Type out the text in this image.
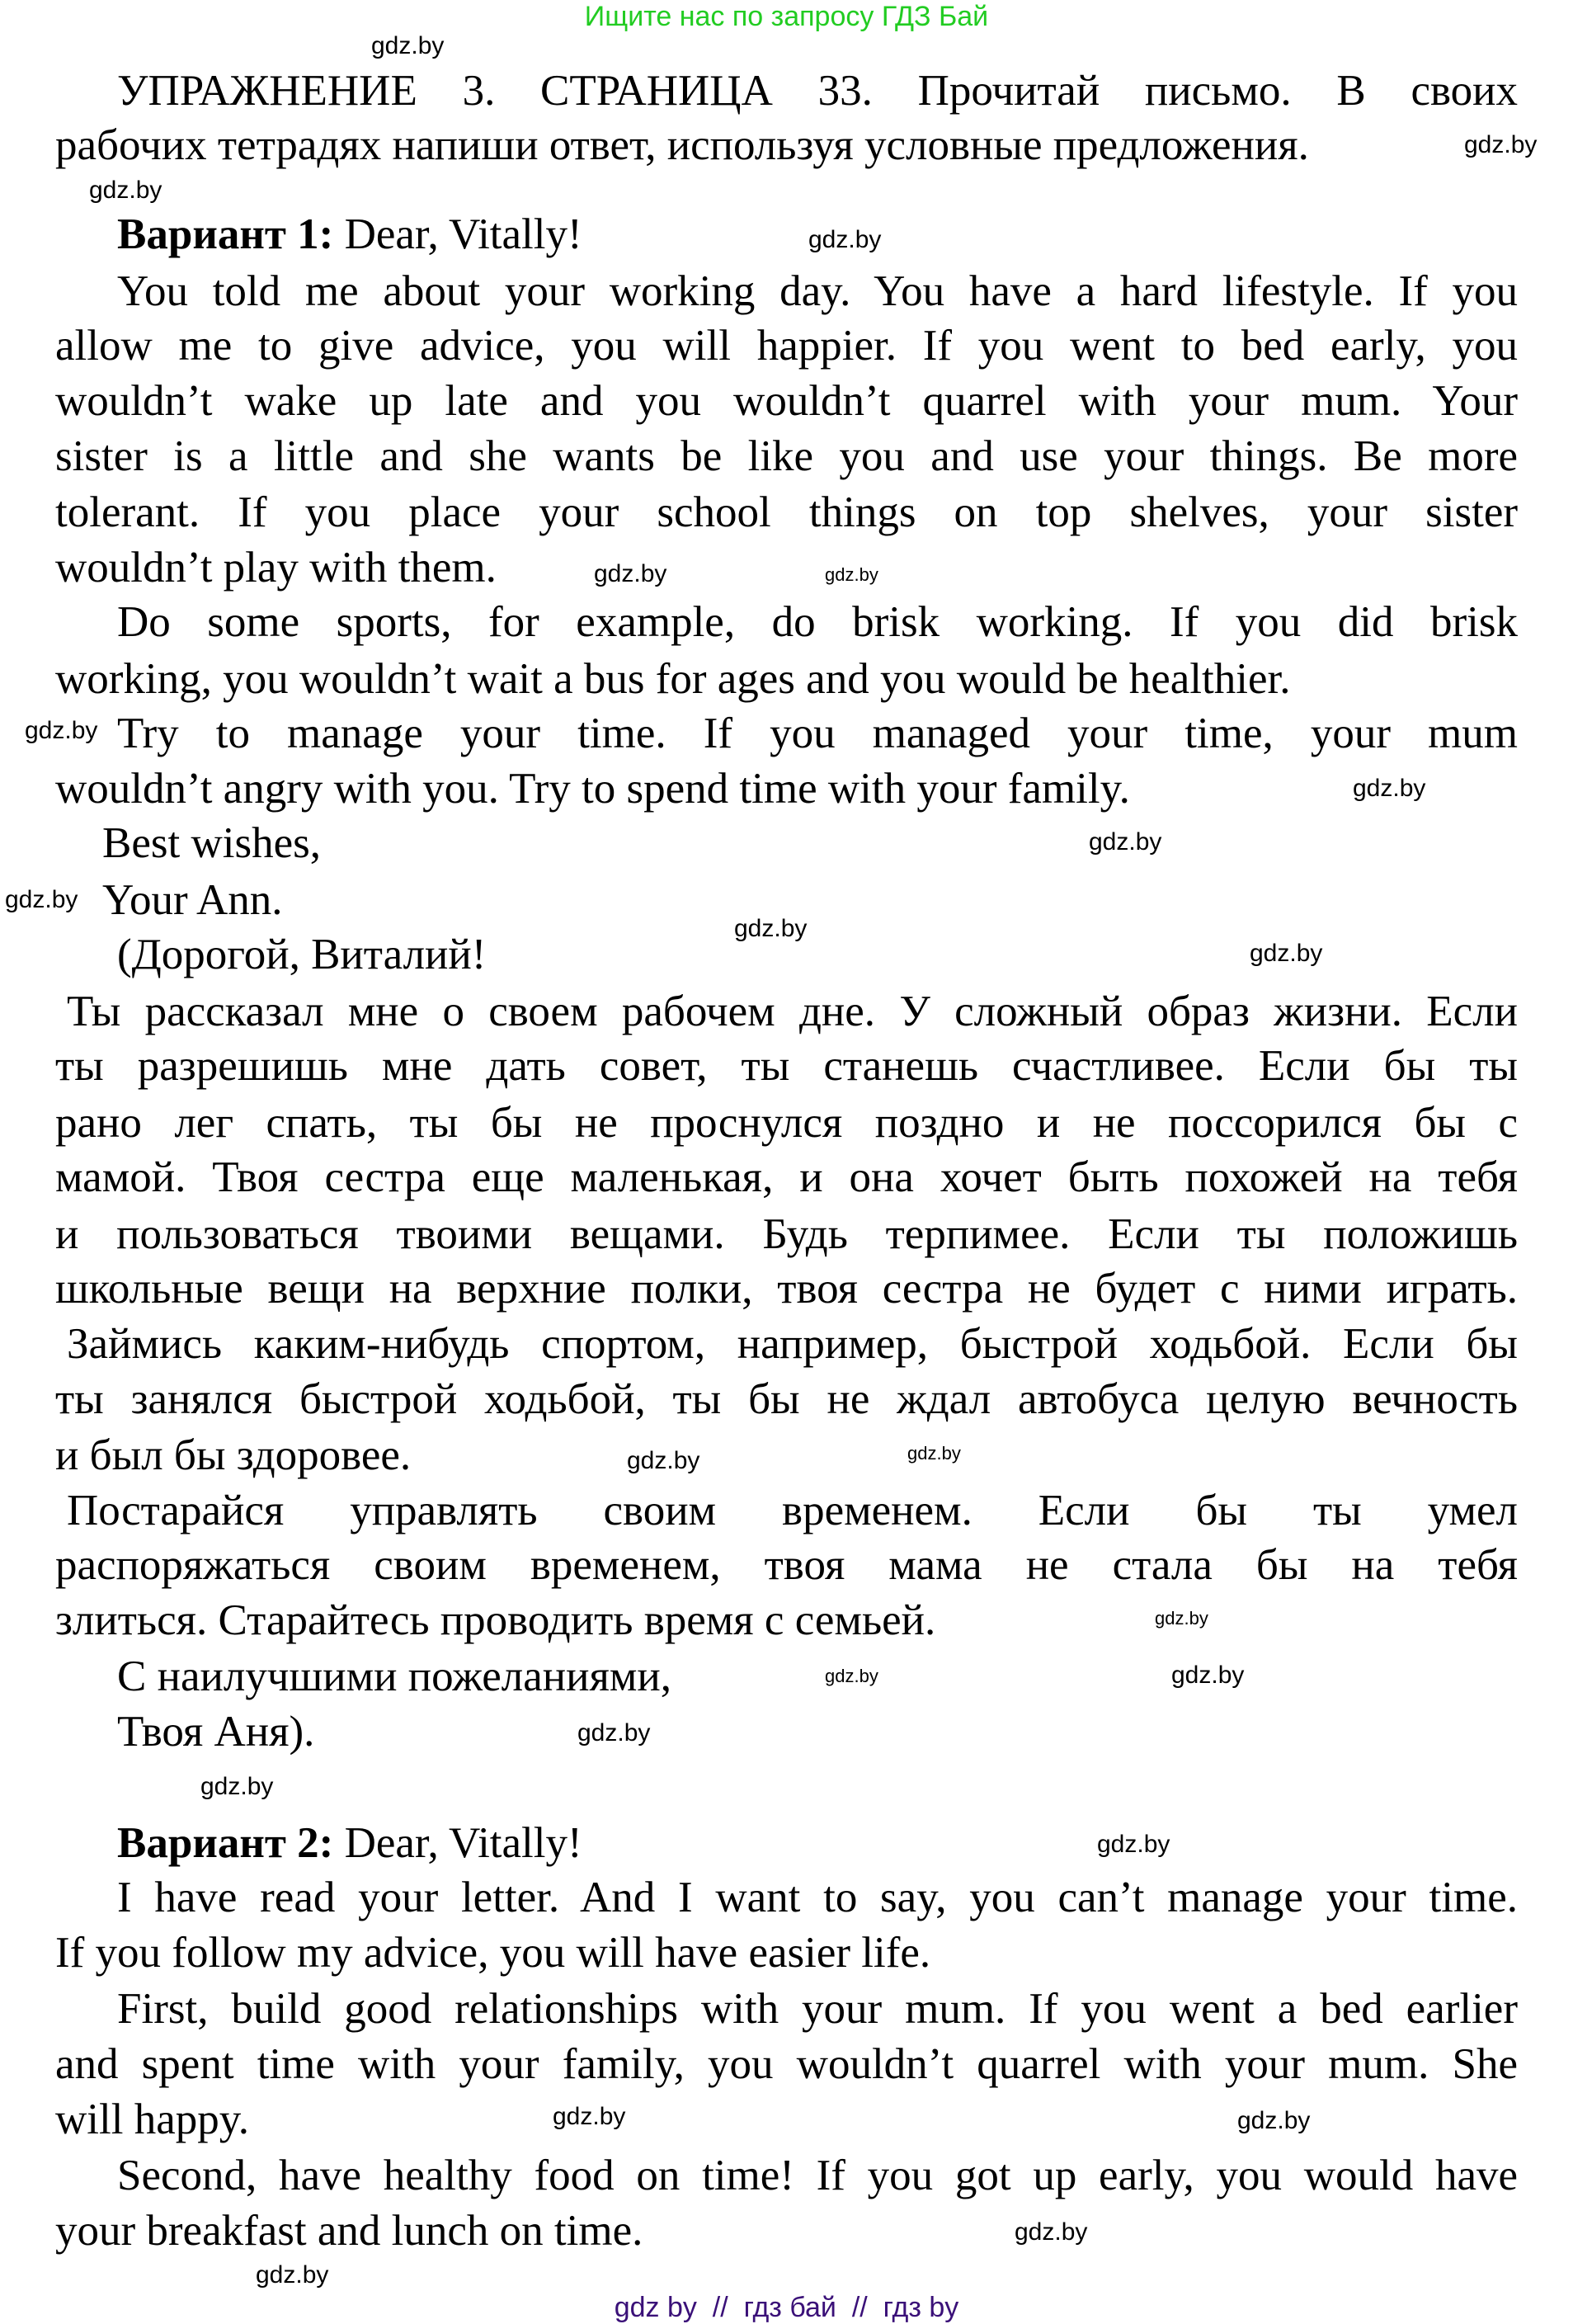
Ищите нас по запросу ГДЗ Бай
УПРАЖНЕНИЕ 3. СТРАНИЦА 33. Прочитай письмо. В своих
рабочих тетрадях напиши ответ, используя условные предложения.
Вариант 1: Dear, Vitally!
You told me about your working day. You have a hard lifestyle. If you
allow me to give advice, you will happier. If you went to bed early, you
wouldn’t wake up late and you wouldn’t quarrel with your mum. Your
sister is a little and she wants be like you and use your things. Be more
tolerant. If you place your school things on top shelves, your sister
wouldn’t play with them.
Do some sports, for example, do brisk working. If you did brisk
working, you wouldn’t wait a bus for ages and you would be healthier.
Try to manage your time. If you managed your time, your mum
wouldn’t angry with you. Try to spend time with your family.
Best wishes,
Your Ann.
(Дорогой, Виталий!
Ты рассказал мне о своем рабочем дне. У сложный образ жизни. Если
ты разрешишь мне дать совет, ты станешь счастливее. Если бы ты
рано лег спать, ты бы не проснулся поздно и не поссорился бы с
мамой. Твоя сестра еще маленькая, и она хочет быть похожей на тебя
и пользоваться твоими вещами. Будь терпимее. Если ты положишь
школьные вещи на верхние полки, твоя сестра не будет с ними играть.
Займись каким-нибудь спортом, например, быстрой ходьбой. Если бы
ты занялся быстрой ходьбой, ты бы не ждал автобуса целую вечность
и был бы здоровее.
Постарайся управлять своим временем. Если бы ты умел
распоряжаться своим временем, твоя мама не стала бы на тебя
злиться. Старайтесь проводить время с семьей.
С наилучшими пожеланиями,
Твоя Аня).
Вариант 2: Dear, Vitally!
I have read your letter. And I want to say, you can’t manage your time.
If you follow my advice, you will have easier life.
First, build good relationships with your mum. If you went a bed earlier
and spent time with your family, you wouldn’t quarrel with your mum. She
will happy.
Second, have healthy food on time! If you got up early, you would have
your breakfast and lunch on time.
gdz.by
gdz.by
gdz.by
gdz.by
gdz.by
gdz.by
gdz.by
gdz.by
gdz.by
gdz.by
gdz.by
gdz.by
gdz.by
gdz.by
gdz.by
gdz.by	gdz.by
gdz.by
gdz.by
gdz.by
gdz.by	gdz.by
gdz.by
gdz.by
gdz by  //  гдз бай  //  гдз by
